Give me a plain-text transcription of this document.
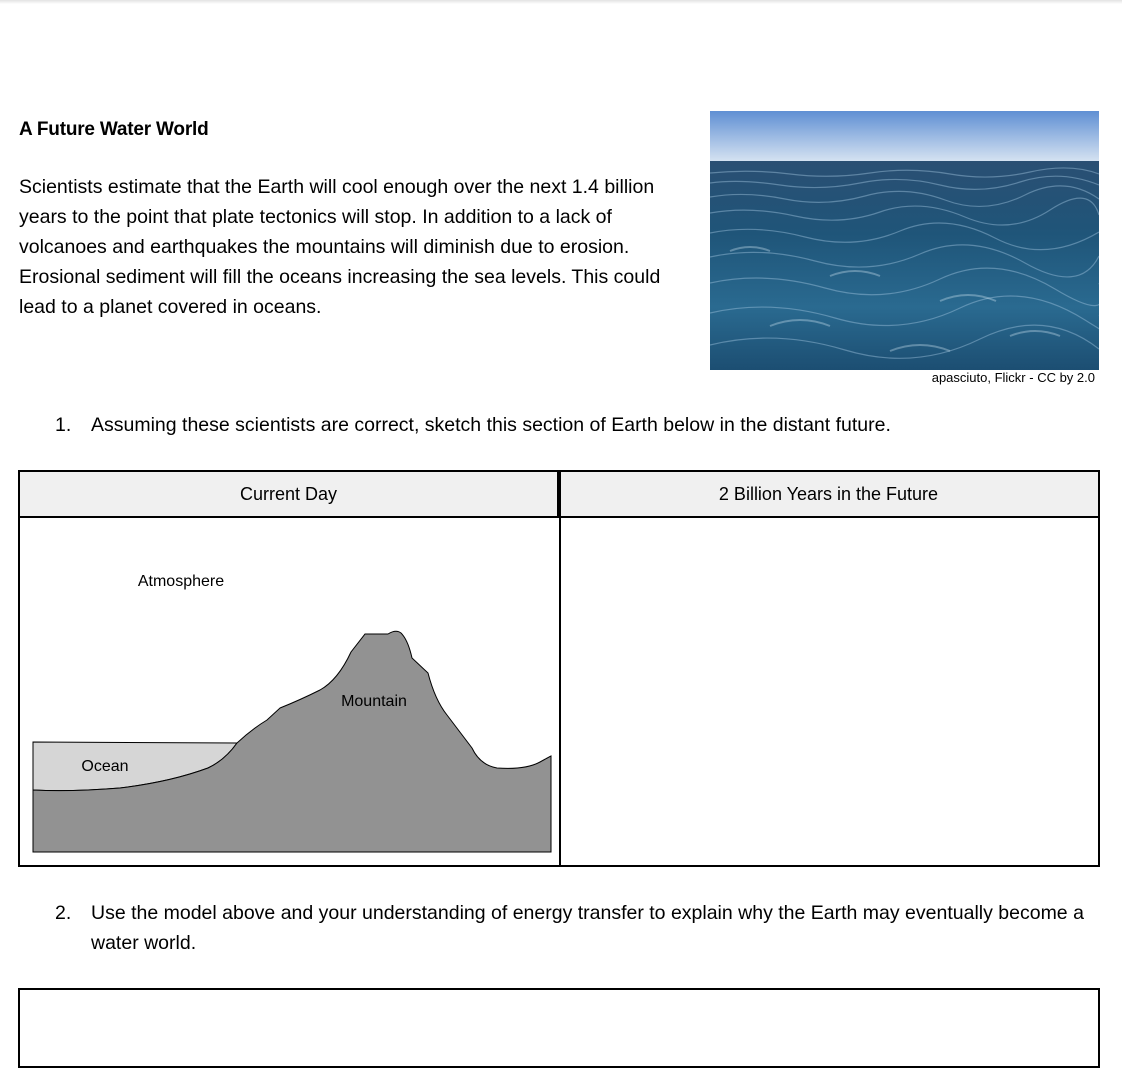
A Future Water World

Scientists estimate that the Earth will cool enough over the next 1.4 billion years to the point that plate tectonics will stop. In addition to a lack of volcanoes and earthquakes the mountains will diminish due to erosion. Erosional sediment will fill the oceans increasing the sea levels. This could lead to a planet covered in oceans.

apasciuto, Flickr - CC by 2.0
1. Assuming these scientists are correct, sketch this section of Earth below in the distant future.
Current Day	2 Billion Years in the Future
Atmosphere
Mountain
Ocean
2. Use the model above and your understanding of energy transfer to explain why the Earth may eventually become a water world.
